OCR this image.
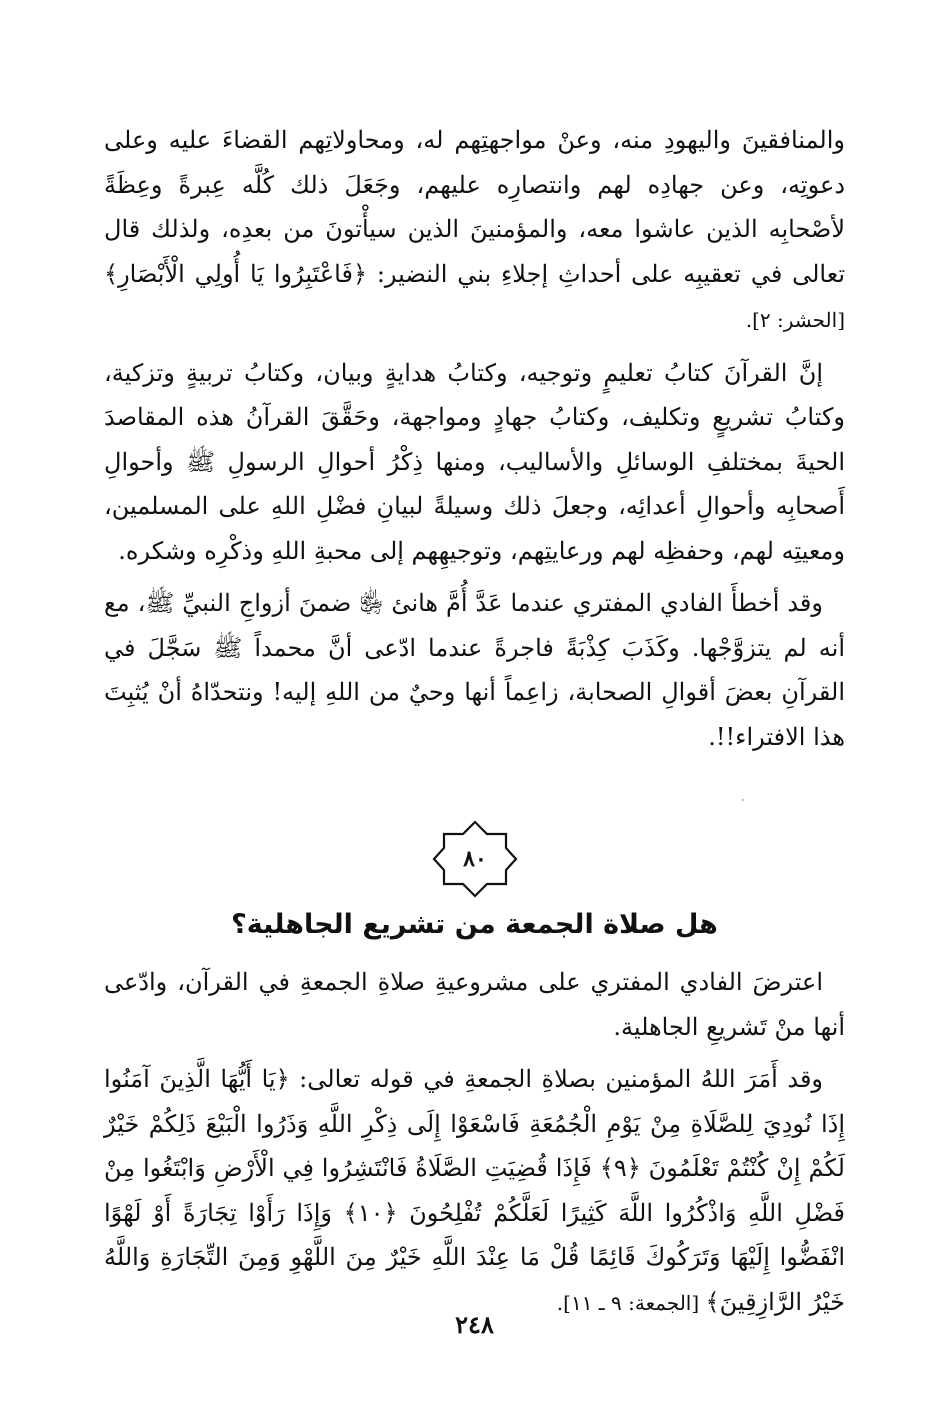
والمنافقينَ واليهودِ منه، وعنْ مواجهتِهم له، ومحاولاتِهم القضاءَ عليه وعلى دعوتِه، وعن جهادِه لهم وانتصارِه عليهم، وجَعَلَ ذلك كُلَّه عِبرةً وعِظَةً لأصْحابِه الذين عاشوا معه، والمؤمنينَ الذين سيأْتونَ من بعدِه، ولذلك قال تعالى في تعقيبِه على أحداثِ إجلاءِ بني النضير: ﴿فَاعْتَبِرُوا يَا أُولِي الْأَبْصَارِ﴾ [الحشر: ٢].

إنَّ القرآنَ كتابُ تعليمٍ وتوجيه، وكتابُ هدايةٍ وبيان، وكتابُ تربيةٍ وتزكية، وكتابُ تشريعٍ وتكليف، وكتابُ جهادٍ ومواجهة، وحَقَّقَ القرآنُ هذه المقاصدَ الحيةَ بمختلفِ الوسائلِ والأساليب، ومنها ذِكْرُ أحوالِ الرسولِ ﷺ وأحوالِ أَصحابِه وأحوالِ أعدائِه، وجعلَ ذلك وسيلةً لبيانِ فضْلِ اللهِ على المسلمين، ومعيتِه لهم، وحفظِه لهم ورعايتِهم، وتوجيهِهم إلى محبةِ اللهِ وذكْرِه وشكره.

وقد أخطأَ الفادي المفتري عندما عَدَّ أُمَّ هانئ ﵂ ضمنَ أزواجِ النبيِّ ﷺ، مع أنه لم يتزوَّجْها. وكَذَبَ كِذْبَةً فاجرةً عندما ادّعى أنَّ محمداً ﷺ سَجَّلَ في القرآنِ بعضَ أقوالِ الصحابة، زاعِماً أنها وحيٌ من اللهِ إليه! ونتحدّاهُ أنْ يُثبِتَ هذا الافتراء!!.

٨٠
هل صلاة الجمعة من تشريع الجاهلية؟

اعترضَ الفادي المفتري على مشروعيةِ صلاةِ الجمعةِ في القرآن، وادّعى أنها منْ تَشريعِ الجاهلية.

وقد أَمَرَ اللهُ المؤمنين بصلاةِ الجمعةِ في قوله تعالى: ﴿يَا أَيُّهَا الَّذِينَ آمَنُوا إِذَا نُودِيَ لِلصَّلَاةِ مِنْ يَوْمِ الْجُمُعَةِ فَاسْعَوْا إِلَى ذِكْرِ اللَّهِ وَذَرُوا الْبَيْعَ ذَلِكُمْ خَيْرٌ لَكُمْ إِنْ كُنْتُمْ تَعْلَمُونَ ﴿٩﴾ فَإِذَا قُضِيَتِ الصَّلَاةُ فَانْتَشِرُوا فِي الْأَرْضِ وَابْتَغُوا مِنْ فَضْلِ اللَّهِ وَاذْكُرُوا اللَّهَ كَثِيرًا لَعَلَّكُمْ تُفْلِحُونَ ﴿١٠﴾ وَإِذَا رَأَوْا تِجَارَةً أَوْ لَهْوًا انْفَضُّوا إِلَيْهَا وَتَرَكُوكَ قَائِمًا قُلْ مَا عِنْدَ اللَّهِ خَيْرٌ مِنَ اللَّهْوِ وَمِنَ التِّجَارَةِ وَاللَّهُ خَيْرُ الرَّازِقِينَ﴾ [الجمعة: ٩ ـ ١١].

٢٤٨
